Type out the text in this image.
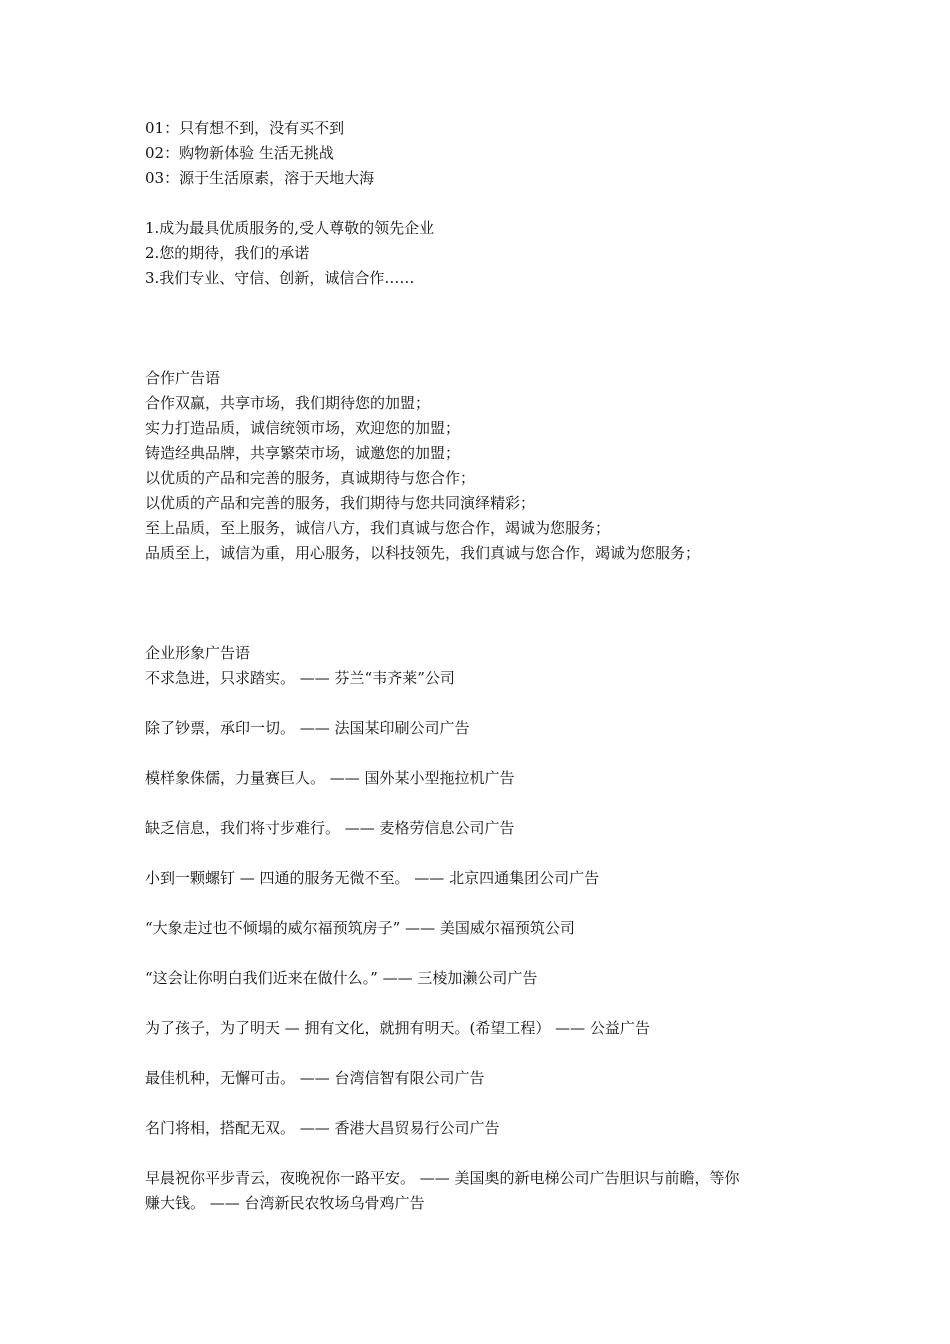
01：只有想不到，没有买不到
02：购物新体验 生活无挑战
03：源于生活原素，溶于天地大海
1.成为最具优质服务的,受人尊敬的领先企业
2.您的期待，我们的承诺
3.我们专业、守信、创新，诚信合作……
合作广告语
合作双赢，共享市场，我们期待您的加盟；
实力打造品质，诚信统领市场，欢迎您的加盟；
铸造经典品牌，共享繁荣市场，诚邀您的加盟；
以优质的产品和完善的服务，真诚期待与您合作；
以优质的产品和完善的服务，我们期待与您共同演绎精彩；
至上品质，至上服务，诚信八方，我们真诚与您合作，竭诚为您服务；
品质至上，诚信为重，用心服务，以科技领先，我们真诚与您合作，竭诚为您服务；
企业形象广告语
不求急进，只求踏实。 —— 芬兰“韦齐莱”公司
除了钞票，承印一切。 —— 法国某印刷公司广告
模样象侏儒，力量赛巨人。 —— 国外某小型拖拉机广告
缺乏信息，我们将寸步难行。 —— 麦格劳信息公司广告
小到一颗螺钉 — 四通的服务无微不至。 —— 北京四通集团公司广告
“大象走过也不倾塌的威尔福预筑房子” —— 美国威尔福预筑公司
“这会让你明白我们近来在做什么。” —— 三棱加濑公司广告
为了孩子，为了明天 — 拥有文化，就拥有明天。(希望工程） —— 公益广告
最佳机种，无懈可击。 —— 台湾信智有限公司广告
名门将相，搭配无双。 —— 香港大昌贸易行公司广告
早晨祝你平步青云，夜晚祝你一路平安。 —— 美国奥的新电梯公司广告胆识与前瞻，等你
赚大钱。 —— 台湾新民农牧场乌骨鸡广告
